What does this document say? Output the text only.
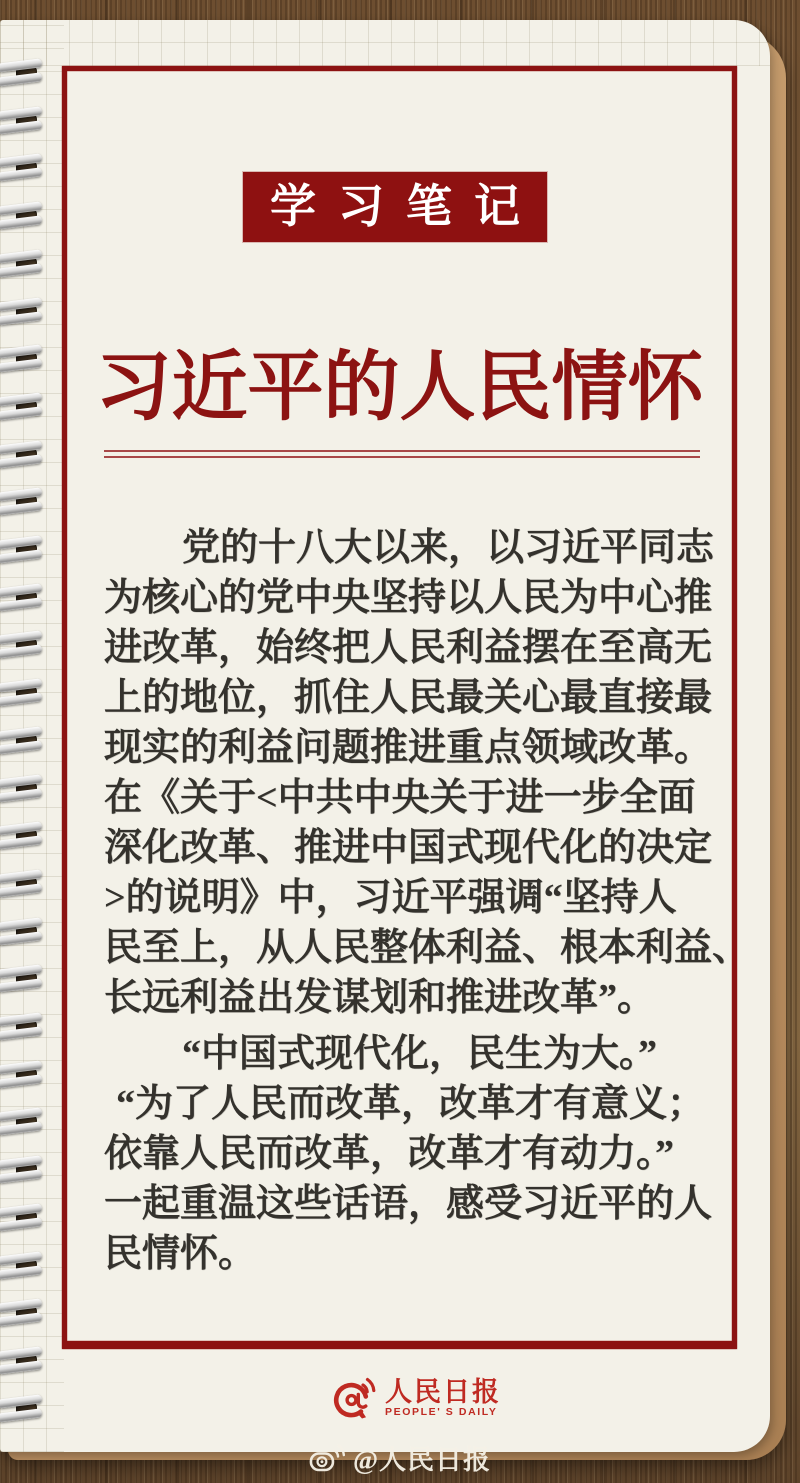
学习笔记
习近平的人民情怀
党的十八大以来，以习近平同志
为核心的党中央坚持以人民为中心推
进改革，始终把人民利益摆在至高无
上的地位，抓住人民最关心最直接最
现实的利益问题推进重点领域改革。
在《关于<中共中央关于进一步全面
深化改革、推进中国式现代化的决定
>的说明》中，习近平强调“坚持人
民至上，从人民整体利益、根本利益、
长远利益出发谋划和推进改革”。
“中国式现代化，民生为大。”
“为了人民而改革，改革才有意义；
依靠人民而改革，改革才有动力。”
一起重温这些话语，感受习近平的人
民情怀。
人民日报
PEOPLE' S DAILY
@人民日报
